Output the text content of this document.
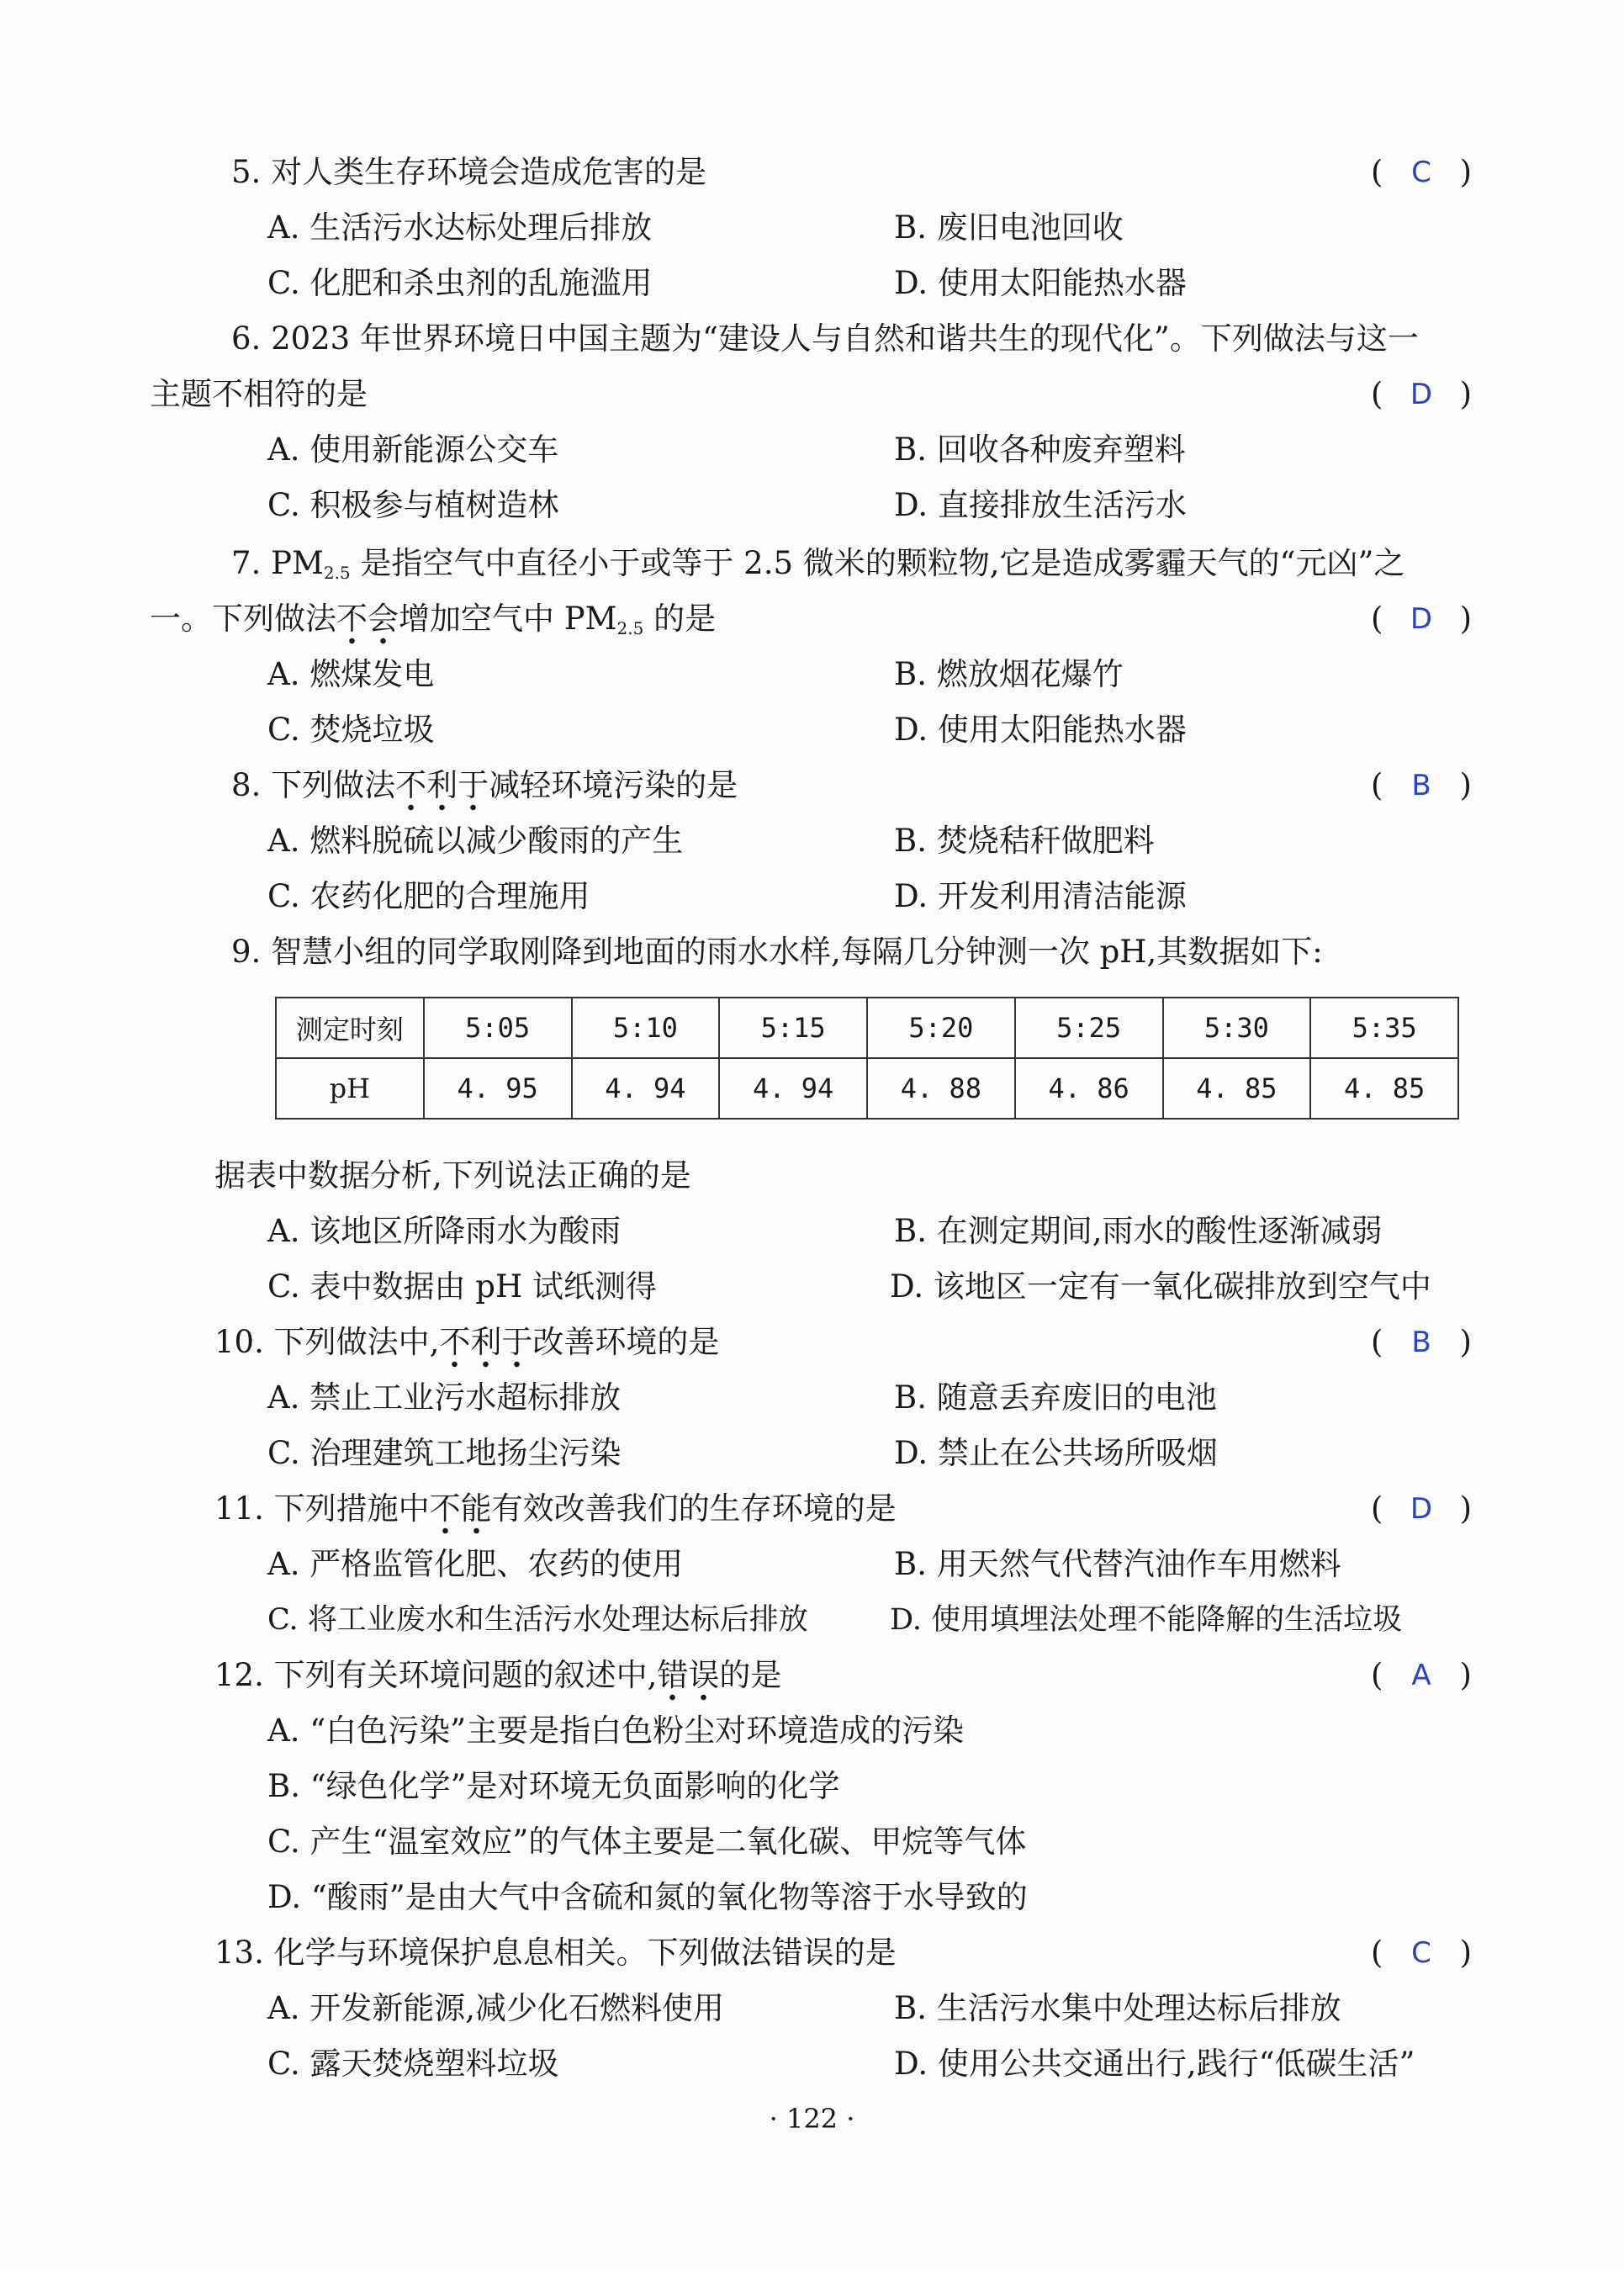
5. 对人类生存环境会造成危害的是	( C )
A. 生活污水达标处理后排放	B. 废旧电池回收
C. 化肥和杀虫剂的乱施滥用	D. 使用太阳能热水器
6. 2023 年世界环境日中国主题为“建设人与自然和谐共生的现代化”。下列做法与这一
主题不相符的是	( D )
A. 使用新能源公交车	B. 回收各种废弃塑料
C. 积极参与植树造林	D. 直接排放生活污水
7. $PM_{2.5}$ 是指空气中直径小于或等于 2.5 微米的颗粒物,它是造成雾霾天气的“元凶”之
一。下列做法不会增加空气中 $PM_{2.5}$ 的是	( D )
A. 燃煤发电	B. 燃放烟花爆竹
C. 焚烧垃圾	D. 使用太阳能热水器
8. 下列做法不利于减轻环境污染的是	( B )
A. 燃料脱硫以减少酸雨的产生	B. 焚烧秸秆做肥料
C. 农药化肥的合理施用	D. 开发利用清洁能源
9. 智慧小组的同学取刚降到地面的雨水水样,每隔几分钟测一次 pH,其数据如下:
测定时刻	5:05	5:10	5:15	5:20	5:25	5:30	5:35
pH	4. 95	4. 94	4. 94	4. 88	4. 86	4. 85	4. 85
据表中数据分析,下列说法正确的是
A. 该地区所降雨水为酸雨	B. 在测定期间,雨水的酸性逐渐减弱
C. 表中数据由 pH 试纸测得	D. 该地区一定有一氧化碳排放到空气中
10. 下列做法中,不利于改善环境的是	( B )
A. 禁止工业污水超标排放	B. 随意丢弃废旧的电池
C. 治理建筑工地扬尘污染	D. 禁止在公共场所吸烟
11. 下列措施中不能有效改善我们的生存环境的是	( D )
A. 严格监管化肥、农药的使用	B. 用天然气代替汽油作车用燃料
C. 将工业废水和生活污水处理达标后排放	D. 使用填埋法处理不能降解的生活垃圾
12. 下列有关环境问题的叙述中,错误的是	( A )
A. “白色污染”主要是指白色粉尘对环境造成的污染
B. “绿色化学”是对环境无负面影响的化学
C. 产生“温室效应”的气体主要是二氧化碳、甲烷等气体
D. “酸雨”是由大气中含硫和氮的氧化物等溶于水导致的
13. 化学与环境保护息息相关。下列做法错误的是	( C )
A. 开发新能源,减少化石燃料使用	B. 生活污水集中处理达标后排放
C. 露天焚烧塑料垃圾	D. 使用公共交通出行,践行“低碳生活”
· 122 ·
